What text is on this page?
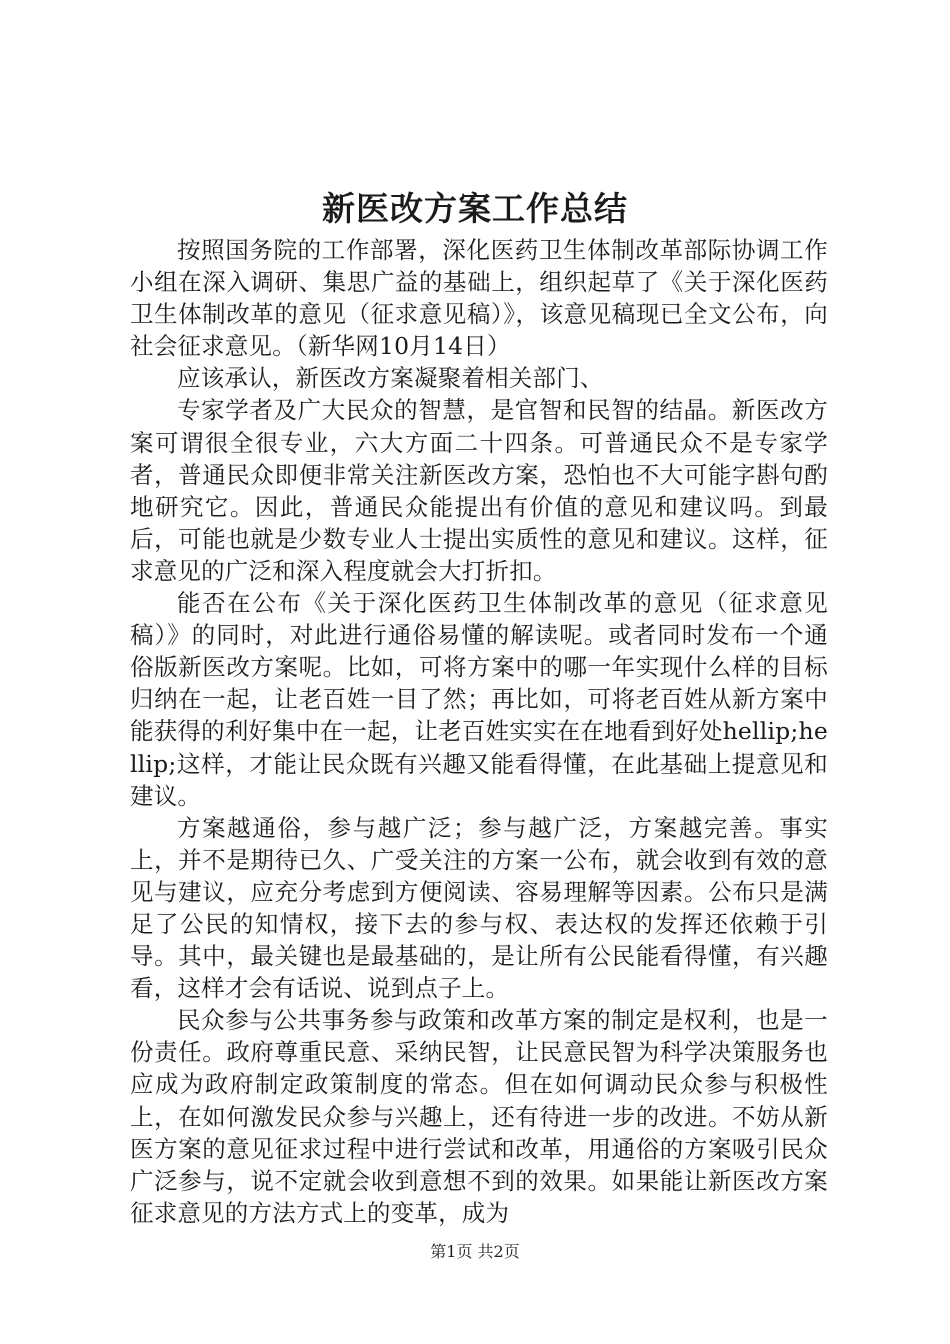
新医改方案工作总结

按照国务院的工作部署，深化医药卫生体制改革部际协调工作小组在深入调研、集思广益的基础上，组织起草了《关于深化医药卫生体制改革的意见（征求意见稿）》，该意见稿现已全文公布，向社会征求意见。（新华网10月14日）

应该承认，新医改方案凝聚着相关部门、

专家学者及广大民众的智慧，是官智和民智的结晶。新医改方案可谓很全很专业，六大方面二十四条。可普通民众不是专家学者，普通民众即便非常关注新医改方案，恐怕也不大可能字斟句酌地研究它。因此，普通民众能提出有价值的意见和建议吗。到最后，可能也就是少数专业人士提出实质性的意见和建议。这样，征求意见的广泛和深入程度就会大打折扣。

能否在公布《关于深化医药卫生体制改革的意见（征求意见稿）》的同时，对此进行通俗易懂的解读呢。或者同时发布一个通俗版新医改方案呢。比如，可将方案中的哪一年实现什么样的目标归纳在一起，让老百姓一目了然；再比如，可将老百姓从新方案中能获得的利好集中在一起，让老百姓实实在在地看到好处hellip;hellip;这样，才能让民众既有兴趣又能看得懂，在此基础上提意见和建议。

方案越通俗，参与越广泛；参与越广泛，方案越完善。事实上，并不是期待已久、广受关注的方案一公布，就会收到有效的意见与建议，应充分考虑到方便阅读、容易理解等因素。公布只是满足了公民的知情权，接下去的参与权、表达权的发挥还依赖于引导。其中，最关键也是最基础的，是让所有公民能看得懂，有兴趣看，这样才会有话说、说到点子上。

民众参与公共事务参与政策和改革方案的制定是权利，也是一份责任。政府尊重民意、采纳民智，让民意民智为科学决策服务也应成为政府制定政策制度的常态。但在如何调动民众参与积极性上，在如何激发民众参与兴趣上，还有待进一步的改进。不妨从新医方案的意见征求过程中进行尝试和改革，用通俗的方案吸引民众广泛参与，说不定就会收到意想不到的效果。如果能让新医改方案征求意见的方法方式上的变革，成为

第1页 共2页
